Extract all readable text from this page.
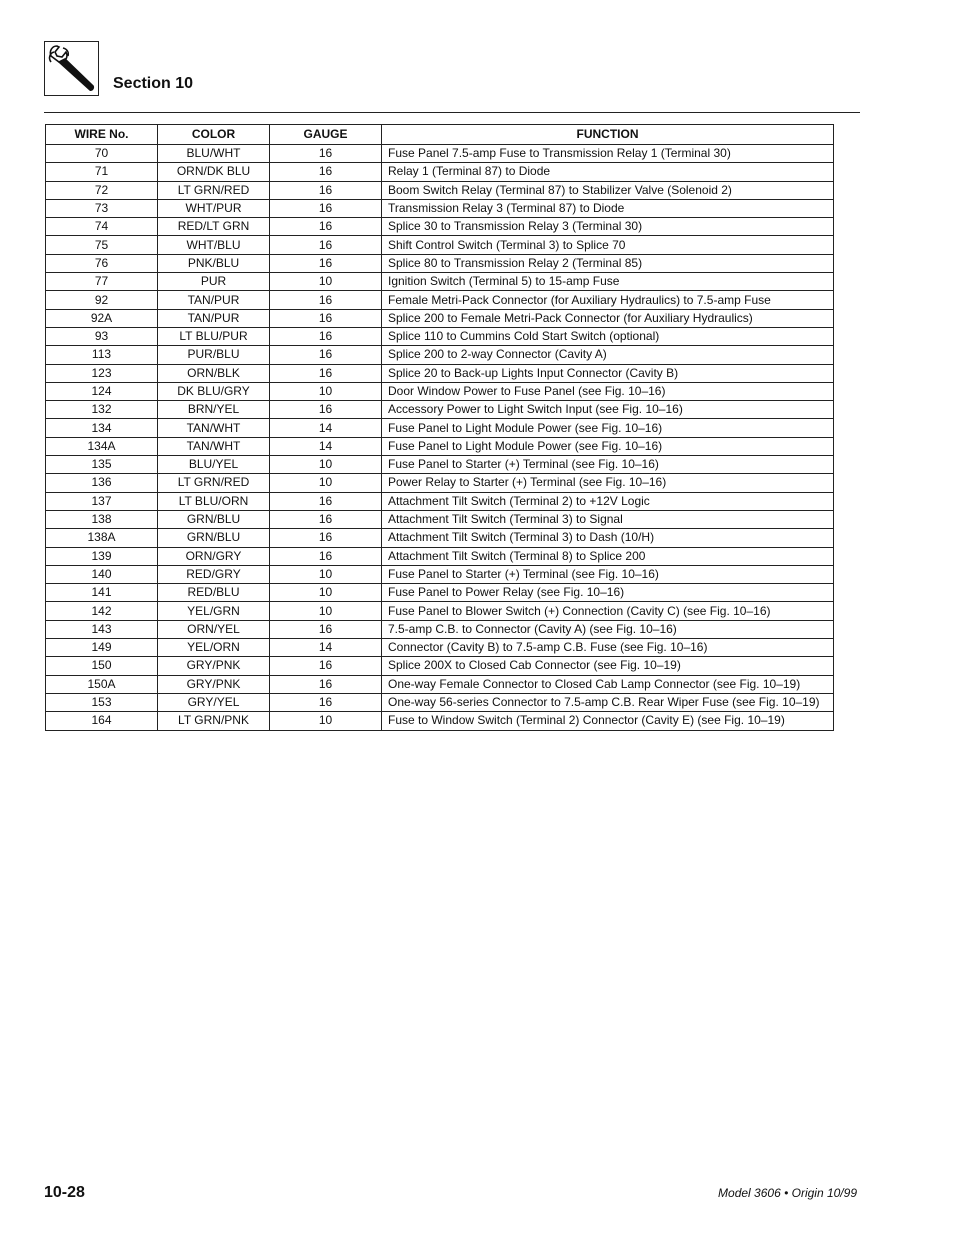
Section 10
WIRE No.	COLOR	GAUGE	FUNCTION
70	BLU/WHT	16	Fuse Panel 7.5-amp Fuse to Transmission Relay 1 (Terminal 30)
71	ORN/DK BLU	16	Relay 1 (Terminal 87) to Diode
72	LT GRN/RED	16	Boom Switch Relay (Terminal 87) to Stabilizer Valve (Solenoid 2)
73	WHT/PUR	16	Transmission Relay 3 (Terminal 87) to Diode
74	RED/LT GRN	16	Splice 30 to Transmission Relay 3 (Terminal 30)
75	WHT/BLU	16	Shift Control Switch (Terminal 3) to Splice 70
76	PNK/BLU	16	Splice 80 to Transmission Relay 2 (Terminal 85)
77	PUR	10	Ignition Switch (Terminal 5) to 15-amp Fuse
92	TAN/PUR	16	Female Metri-Pack Connector (for Auxiliary Hydraulics) to 7.5-amp Fuse
92A	TAN/PUR	16	Splice 200 to Female Metri-Pack Connector (for Auxiliary Hydraulics)
93	LT BLU/PUR	16	Splice 110 to Cummins Cold Start Switch (optional)
113	PUR/BLU	16	Splice 200 to 2-way Connector (Cavity A)
123	ORN/BLK	16	Splice 20 to Back-up Lights Input Connector (Cavity B)
124	DK BLU/GRY	10	Door Window Power to Fuse Panel (see Fig. 10–16)
132	BRN/YEL	16	Accessory Power to Light Switch Input (see Fig. 10–16)
134	TAN/WHT	14	Fuse Panel to Light Module Power (see Fig. 10–16)
134A	TAN/WHT	14	Fuse Panel to Light Module Power (see Fig. 10–16)
135	BLU/YEL	10	Fuse Panel to Starter (+) Terminal (see Fig. 10–16)
136	LT GRN/RED	10	Power Relay to Starter (+) Terminal (see Fig. 10–16)
137	LT BLU/ORN	16	Attachment Tilt Switch (Terminal 2) to +12V Logic
138	GRN/BLU	16	Attachment Tilt Switch (Terminal 3) to Signal
138A	GRN/BLU	16	Attachment Tilt Switch (Terminal 3) to Dash (10/H)
139	ORN/GRY	16	Attachment Tilt Switch (Terminal 8) to Splice 200
140	RED/GRY	10	Fuse Panel to Starter (+) Terminal (see Fig. 10–16)
141	RED/BLU	10	Fuse Panel to Power Relay (see Fig. 10–16)
142	YEL/GRN	10	Fuse Panel to Blower Switch (+) Connection (Cavity C) (see Fig. 10–16)
143	ORN/YEL	16	7.5-amp C.B. to Connector (Cavity A) (see Fig. 10–16)
149	YEL/ORN	14	Connector (Cavity B) to 7.5-amp C.B. Fuse (see Fig. 10–16)
150	GRY/PNK	16	Splice 200X to Closed Cab Connector (see Fig. 10–19)
150A	GRY/PNK	16	One-way Female Connector to Closed Cab Lamp Connector (see Fig. 10–19)
153	GRY/YEL	16	One-way 56-series Connector to 7.5-amp C.B. Rear Wiper Fuse (see Fig. 10–19)
164	LT GRN/PNK	10	Fuse to Window Switch (Terminal 2) Connector (Cavity E) (see Fig. 10–19)
10-28	Model 3606 • Origin 10/99
